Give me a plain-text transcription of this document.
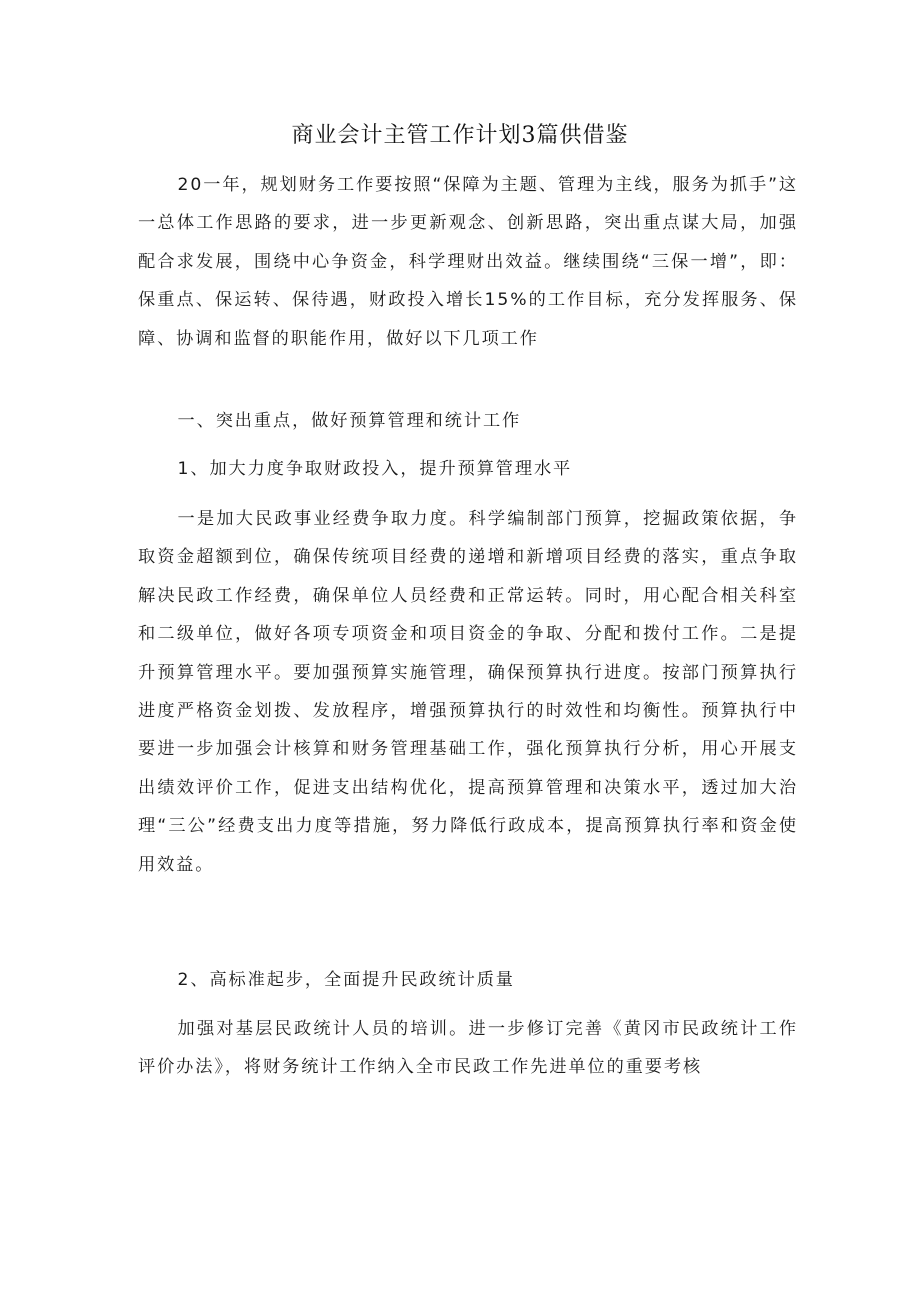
商业会计主管工作计划3篇供借鉴

20一年，规划财务工作要按照“保障为主题、管理为主线，服务为抓手”这一总体工作思路的要求，进一步更新观念、创新思路，突出重点谋大局，加强配合求发展，围绕中心争资金，科学理财出效益。继续围绕“三保一增”，即：保重点、保运转、保待遇，财政投入增长15%的工作目标，充分发挥服务、保障、协调和监督的职能作用，做好以下几项工作

一、突出重点，做好预算管理和统计工作

1、加大力度争取财政投入，提升预算管理水平

一是加大民政事业经费争取力度。科学编制部门预算，挖掘政策依据，争取资金超额到位，确保传统项目经费的递增和新增项目经费的落实，重点争取解决民政工作经费，确保单位人员经费和正常运转。同时，用心配合相关科室和二级单位，做好各项专项资金和项目资金的争取、分配和拨付工作。二是提升预算管理水平。要加强预算实施管理，确保预算执行进度。按部门预算执行进度严格资金划拨、发放程序，增强预算执行的时效性和均衡性。预算执行中要进一步加强会计核算和财务管理基础工作，强化预算执行分析，用心开展支出绩效评价工作，促进支出结构优化，提高预算管理和决策水平，透过加大治理“三公”经费支出力度等措施，努力降低行政成本，提高预算执行率和资金使用效益。

2、高标准起步，全面提升民政统计质量

加强对基层民政统计人员的培训。进一步修订完善《黄冈市民政统计工作评价办法》，将财务统计工作纳入全市民政工作先进单位的重要考核
